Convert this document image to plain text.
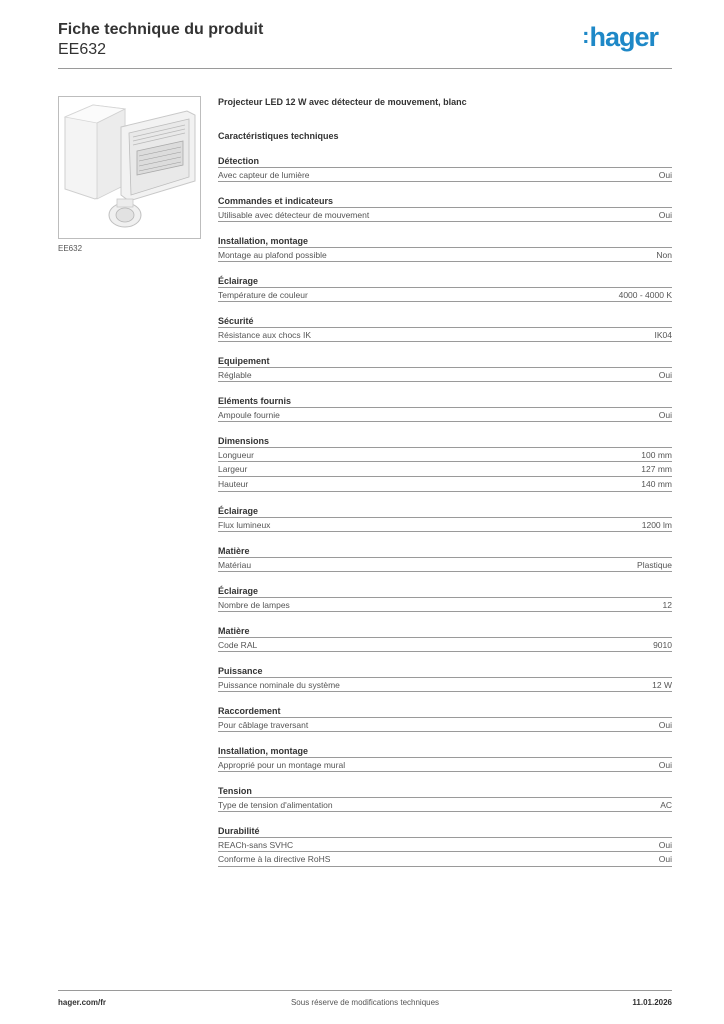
Fiche technique du produit
EE632
:hager
EE632
Projecteur LED 12 W avec détecteur de mouvement, blanc
Caractéristiques techniques
Détection
Avec capteur de lumière	Oui
Commandes et indicateurs
Utilisable avec détecteur de mouvement	Oui
Installation, montage
Montage au plafond possible	Non
Éclairage
Température de couleur	4000 - 4000 K
Sécurité
Résistance aux chocs IK	IK04
Equipement
Réglable	Oui
Eléments fournis
Ampoule fournie	Oui
Dimensions
Longueur	100 mm
Largeur	127 mm
Hauteur	140 mm
Éclairage
Flux lumineux	1200 lm
Matière
Matériau	Plastique
Éclairage
Nombre de lampes	12
Matière
Code RAL	9010
Puissance
Puissance nominale du système	12 W
Raccordement
Pour câblage traversant	Oui
Installation, montage
Approprié pour un montage mural	Oui
Tension
Type de tension d'alimentation	AC
Durabilité
REACh-sans SVHC	Oui
Conforme à la directive RoHS	Oui
hager.com/fr	Sous réserve de modifications techniques	11.01.2026
